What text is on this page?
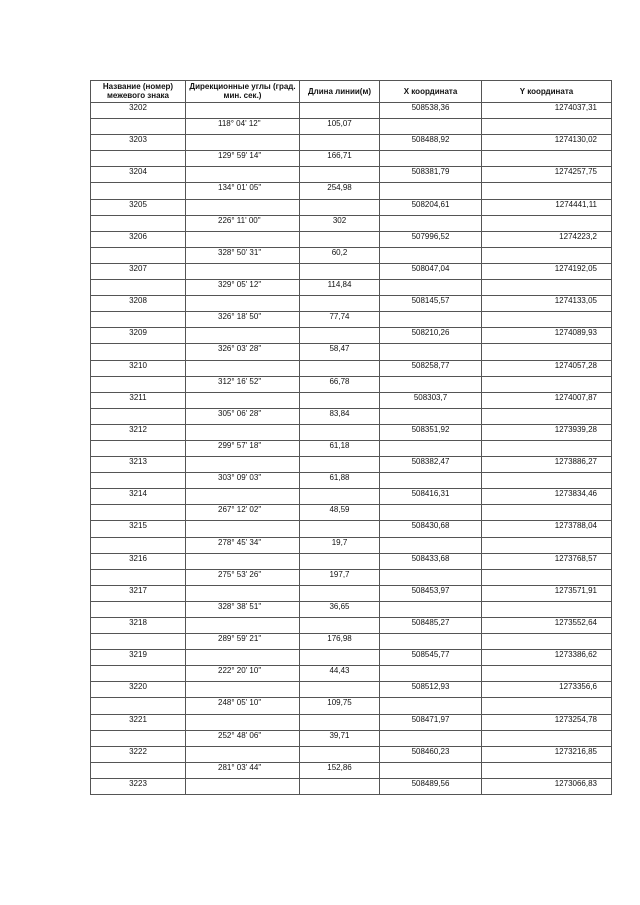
Название (номер) межевого знака	Дирекционные углы (град. мин. сек.)	Длина линии(м)	X координата	Y координата
3202			508538,36	1274037,31
	118° 04' 12"	105,07		
3203			508488,92	1274130,02
	129° 59' 14"	166,71		
3204			508381,79	1274257,75
	134° 01' 05"	254,98		
3205			508204,61	1274441,11
	226° 11' 00"	302		
3206			507996,52	1274223,2
	328° 50' 31"	60,2		
3207			508047,04	1274192,05
	329° 05' 12"	114,84		
3208			508145,57	1274133,05
	326° 18' 50"	77,74		
3209			508210,26	1274089,93
	326° 03' 28"	58,47		
3210			508258,77	1274057,28
	312° 16' 52"	66,78		
3211			508303,7	1274007,87
	305° 06' 28"	83,84		
3212			508351,92	1273939,28
	299° 57' 18"	61,18		
3213			508382,47	1273886,27
	303° 09' 03"	61,88		
3214			508416,31	1273834,46
	267° 12' 02"	48,59		
3215			508430,68	1273788,04
	278° 45' 34"	19,7		
3216			508433,68	1273768,57
	275° 53' 26"	197,7		
3217			508453,97	1273571,91
	328° 38' 51"	36,65		
3218			508485,27	1273552,64
	289° 59' 21"	176,98		
3219			508545,77	1273386,62
	222° 20' 10"	44,43		
3220			508512,93	1273356,6
	248° 05' 10"	109,75		
3221			508471,97	1273254,78
	252° 48' 06"	39,71		
3222			508460,23	1273216,85
	281° 03' 44"	152,86		
3223			508489,56	1273066,83
